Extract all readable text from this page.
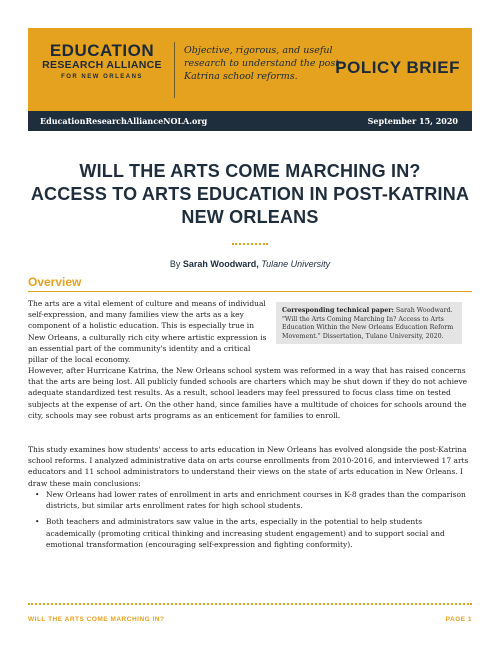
EDUCATION
RESEARCH ALLIANCE
FOR NEW ORLEANS
Objective, rigorous, and useful research to understand the post-Katrina school reforms.	POLICY BRIEF
EducationResearchAllianceNOLA.org	September 15, 2020
WILL THE ARTS COME MARCHING IN?
ACCESS TO ARTS EDUCATION IN POST-KATRINA
NEW ORLEANS
By Sarah Woodward, Tulane University
Overview
The arts are a vital element of culture and means of individual self-expression, and many families view the arts as a key component of a holistic education. This is especially true in New Orleans, a culturally rich city where artistic expression is an essential part of the community's identity and a critical pillar of the local economy.
Corresponding technical paper: Sarah Woodward. "Will the Arts Coming Marching In? Access to Arts Education Within the New Orleans Education Reform Movement." Dissertation, Tulane University, 2020.
However, after Hurricane Katrina, the New Orleans school system was reformed in a way that has raised concerns that the arts are being lost. All publicly funded schools are charters which may be shut down if they do not achieve adequate standardized test results. As a result, school leaders may feel pressured to focus class time on tested subjects at the expense of art. On the other hand, since families have a multitude of choices for schools around the city, schools may see robust arts programs as an enticement for families to enroll.
This study examines how students' access to arts education in New Orleans has evolved alongside the post-Katrina school reforms. I analyzed administrative data on arts course enrollments from 2010-2016, and interviewed 17 arts educators and 11 school administrators to understand their views on the state of arts education in New Orleans. I draw these main conclusions:
• New Orleans had lower rates of enrollment in arts and enrichment courses in K-8 grades than the comparison districts, but similar arts enrollment rates for high school students.
• Both teachers and administrators saw value in the arts, especially in the potential to help students academically (promoting critical thinking and increasing student engagement) and to support social and emotional transformation (encouraging self-expression and fighting conformity).
WILL THE ARTS COME MARCHING IN?	PAGE 1
